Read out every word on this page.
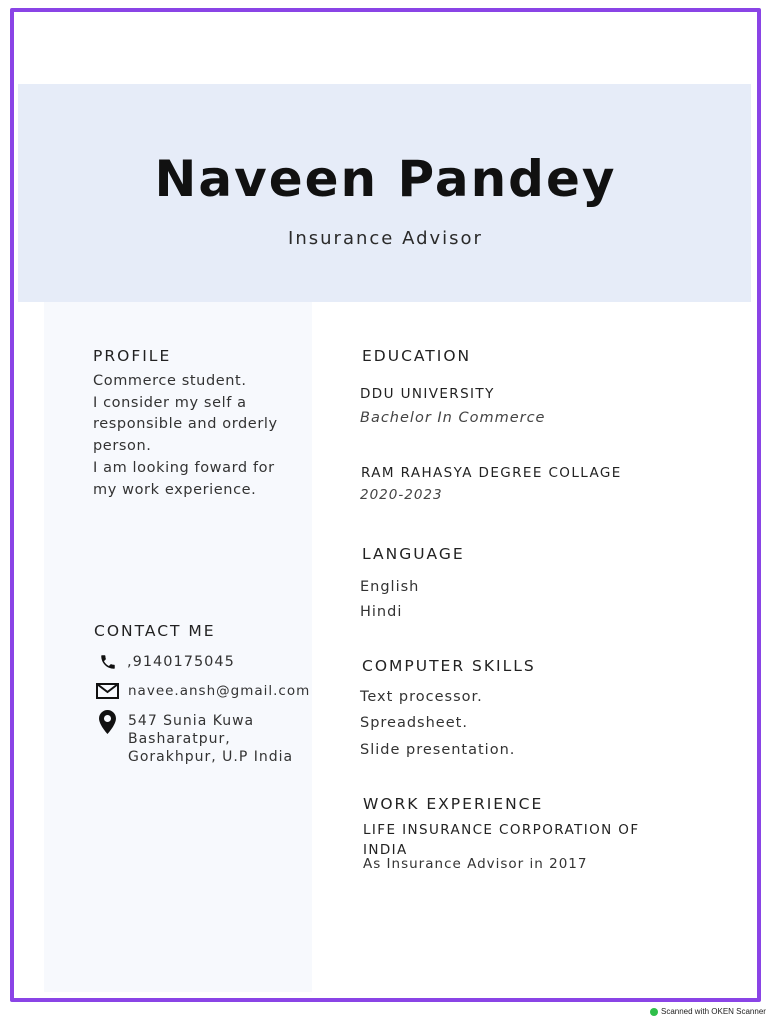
Naveen Pandey
Insurance Advisor
PROFILE
Commerce student.
I consider my self a
responsible and orderly
person.
I am looking foward for
my work experience.
CONTACT ME
,9140175045
navee.ansh@gmail.com
547 Sunia Kuwa
Basharatpur,
Gorakhpur, U.P India
EDUCATION
DDU UNIVERSITY
Bachelor In Commerce
RAM RAHASYA DEGREE COLLAGE
2020-2023
LANGUAGE
English
Hindi
COMPUTER SKILLS
Text processor.
Spreadsheet.
Slide presentation.
WORK EXPERIENCE
LIFE INSURANCE CORPORATION OF
INDIA
As Insurance Advisor in 2017
Scanned with OKEN Scanner
